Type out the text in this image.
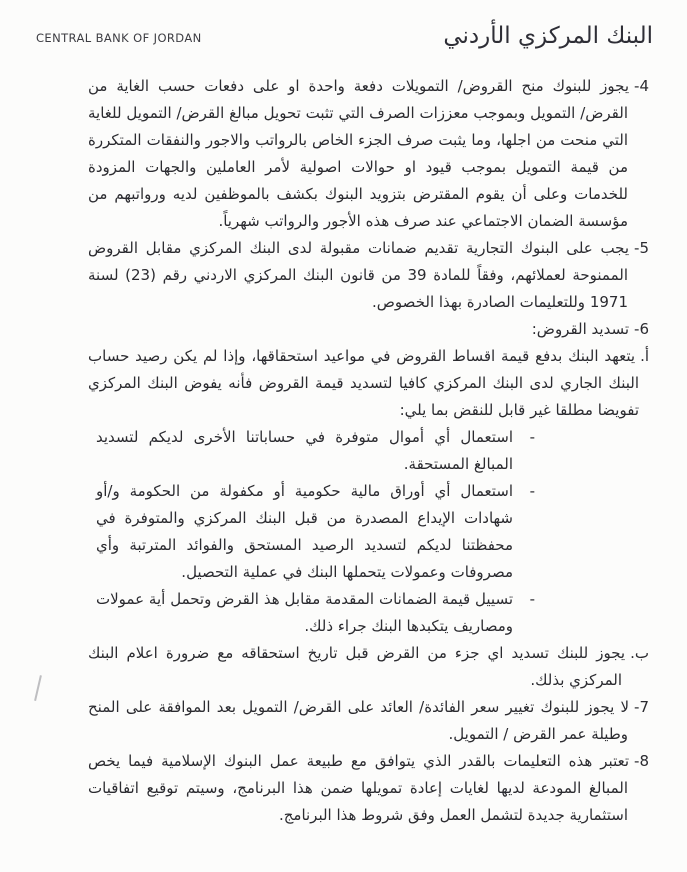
CENTRAL BANK OF JORDAN	البنك المركزي الأردني

4-يجوز للبنوك منح القروض/ التمويلات دفعة واحدة او على دفعات حسب الغاية من القرض/ التمويل وبموجب معززات الصرف التي تثبت تحويل مبالغ القرض/ التمويل للغاية التي منحت من اجلها، وما يثبت صرف الجزء الخاص بالرواتب والاجور والنفقات المتكررة من قيمة التمويل بموجب قيود او حوالات اصولية لأمر العاملين والجهات المزودة للخدمات وعلى أن يقوم المقترض بتزويد البنوك بكشف بالموظفين لديه ورواتبهم من مؤسسة الضمان الاجتماعي عند صرف هذه الأجور والرواتب شهرياً.

5-يجب على البنوك التجارية تقديم ضمانات مقبولة لدى البنك المركزي مقابل القروض الممنوحة لعملائهم، وفقاً للمادة 39 من قانون البنك المركزي الاردني رقم (23) لسنة 1971 وللتعليمات الصادرة بهذا الخصوص.

6-تسديد القروض:

أ.يتعهد البنك بدفع قيمة اقساط القروض في مواعيد استحقاقها، وإذا لم يكن رصيد حساب البنك الجاري لدى البنك المركزي كافيا لتسديد قيمة القروض فأنه يفوض البنك المركزي تفويضا مطلقا غير قابل للنقض بما يلي:

-
استعمال أي أموال متوفرة في حساباتنا الأخرى لديكم لتسديد المبالغ المستحقة.
-
استعمال أي أوراق مالية حكومية أو مكفولة من الحكومة و/أو شهادات الإيداع المصدرة من قبل البنك المركزي والمتوفرة في محفظتنا لديكم لتسديد الرصيد المستحق والفوائد المترتبة وأي مصروفات وعمولات يتحملها البنك في عملية التحصيل.
-
تسييل قيمة الضمانات المقدمة مقابل هذ القرض وتحمل أية عمولات ومصاريف يتكبدها البنك جراء ذلك.

ب.يجوز للبنك تسديد اي جزء من القرض قبل تاريخ استحقاقه مع ضرورة اعلام البنك المركزي بذلك.

7-لا يجوز للبنوك تغيير سعر الفائدة/ العائد على القرض/ التمويل بعد الموافقة على المنح وطيلة عمر القرض / التمويل.

8-تعتبر هذه التعليمات بالقدر الذي يتوافق مع طبيعة عمل البنوك الإسلامية فيما يخص المبالغ المودعة لديها لغايات إعادة تمويلها ضمن هذا البرنامج، وسيتم توقيع اتفاقيات استثمارية جديدة لتشمل العمل وفق شروط هذا البرنامج.
